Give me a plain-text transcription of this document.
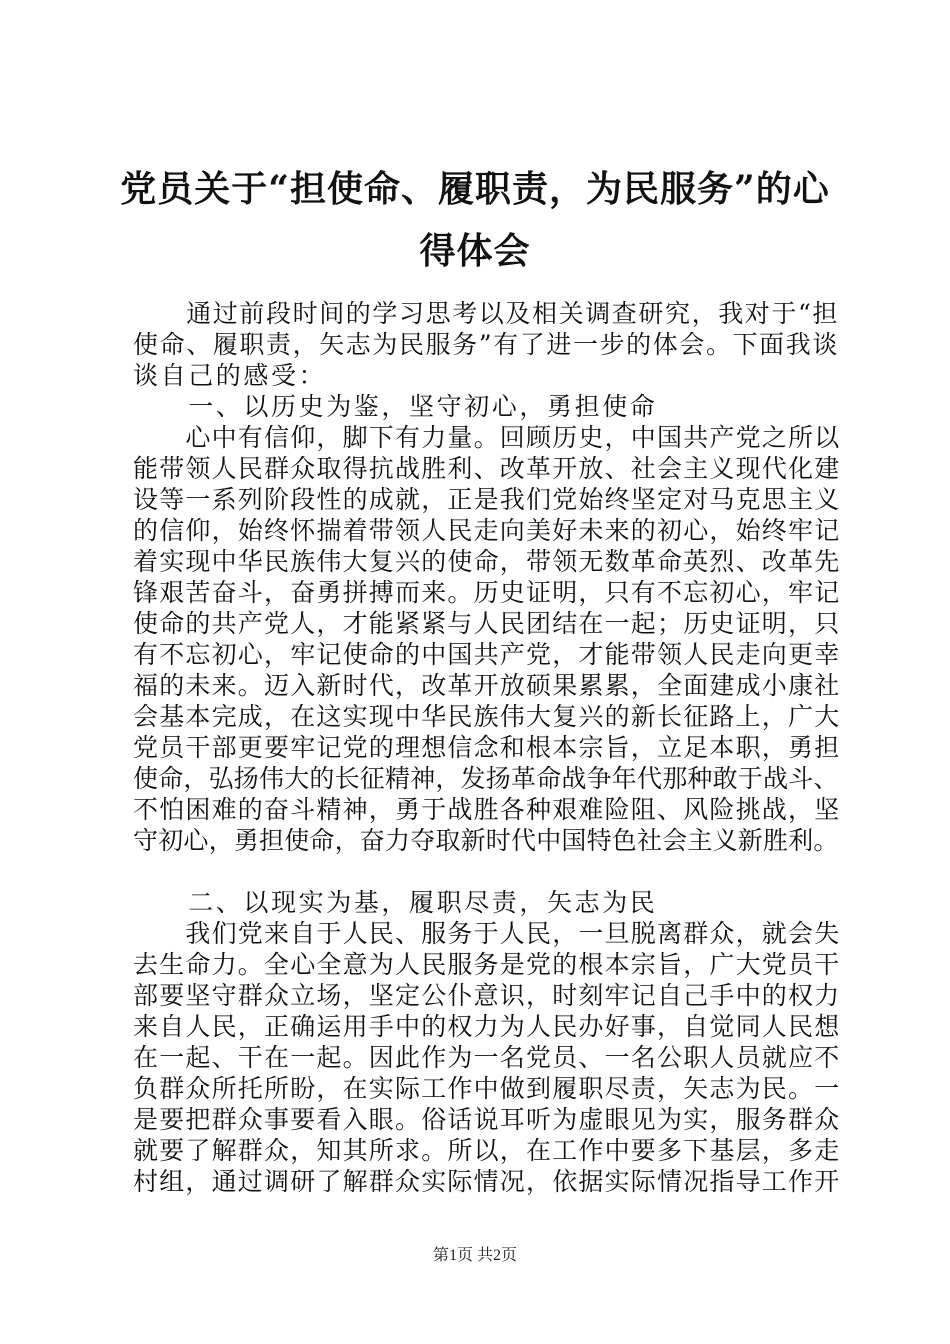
党员关于“担使命、履职责，为民服务”的心得体会
　　通过前段时间的学习思考以及相关调查研究，我对于“担
使命、履职责，矢志为民服务”有了进一步的体会。下面我谈
谈自己的感受：
　　一、以历史为鉴，坚守初心，勇担使命
　　心中有信仰，脚下有力量。回顾历史，中国共产党之所以
能带领人民群众取得抗战胜利、改革开放、社会主义现代化建
设等一系列阶段性的成就，正是我们党始终坚定对马克思主义
的信仰，始终怀揣着带领人民走向美好未来的初心，始终牢记
着实现中华民族伟大复兴的使命，带领无数革命英烈、改革先
锋艰苦奋斗，奋勇拼搏而来。历史证明，只有不忘初心，牢记
使命的共产党人，才能紧紧与人民团结在一起；历史证明，只
有不忘初心，牢记使命的中国共产党，才能带领人民走向更幸
福的未来。迈入新时代，改革开放硕果累累，全面建成小康社
会基本完成，在这实现中华民族伟大复兴的新长征路上，广大
党员干部更要牢记党的理想信念和根本宗旨，立足本职，勇担
使命，弘扬伟大的长征精神，发扬革命战争年代那种敢于战斗、
不怕困难的奋斗精神，勇于战胜各种艰难险阻、风险挑战，坚
守初心，勇担使命，奋力夺取新时代中国特色社会主义新胜利。
　　二、以现实为基，履职尽责，矢志为民
　　我们党来自于人民、服务于人民，一旦脱离群众，就会失
去生命力。全心全意为人民服务是党的根本宗旨，广大党员干
部要坚守群众立场，坚定公仆意识，时刻牢记自己手中的权力
来自人民，正确运用手中的权力为人民办好事，自觉同人民想
在一起、干在一起。因此作为一名党员、一名公职人员就应不
负群众所托所盼，在实际工作中做到履职尽责，矢志为民。一
是要把群众事要看入眼。俗话说耳听为虚眼见为实，服务群众
就要了解群众，知其所求。所以，在工作中要多下基层，多走
村组，通过调研了解群众实际情况，依据实际情况指导工作开
第1页 共2页
